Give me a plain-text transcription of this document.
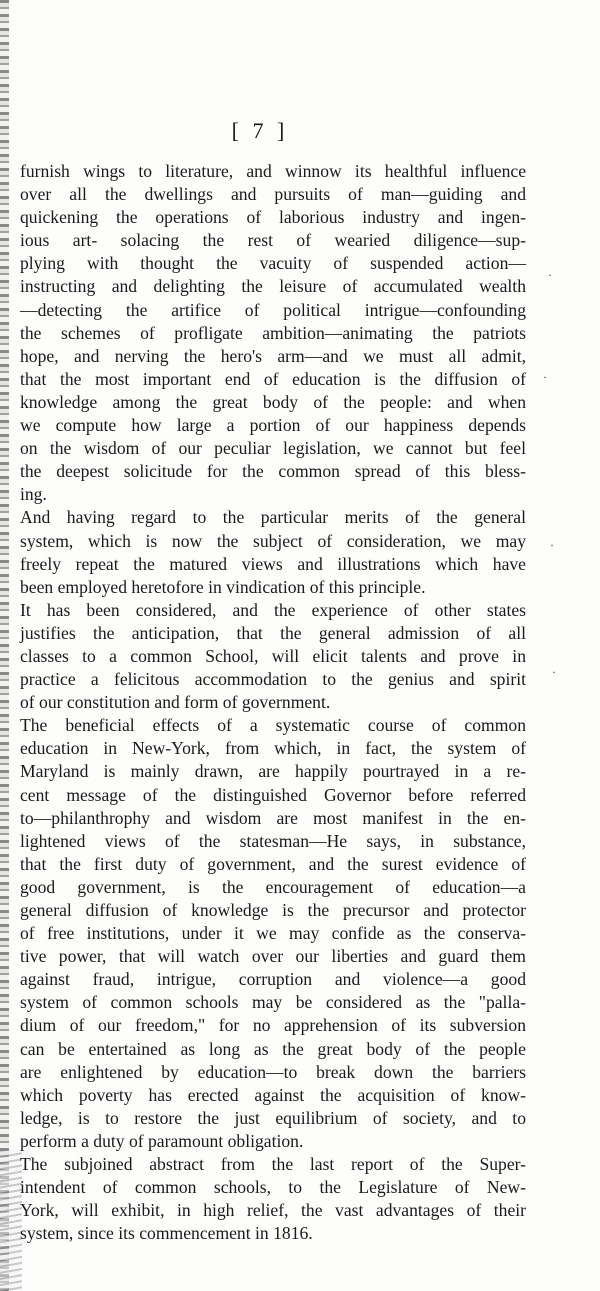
[ 7 ]
furnish wings to literature, and winnow its healthful influence
over all the dwellings and pursuits of man—guiding and
quickening the operations of laborious industry and ingen-
ious art- solacing the rest of wearied diligence—sup-
plying with thought the vacuity of suspended action—
instructing and delighting the leisure of accumulated wealth
—detecting the artifice of political intrigue—confounding
the schemes of profligate ambition—animating the patriots
hope, and nerving the hero's arm—and we must all admit,
that the most important end of education is the diffusion of
knowledge among the great body of the people: and when
we compute how large a portion of our happiness depends
on the wisdom of our peculiar legislation, we cannot but feel
the deepest solicitude for the common spread of this bless-
ing.
And having regard to the particular merits of the general
system, which is now the subject of consideration, we may
freely repeat the matured views and illustrations which have
been employed heretofore in vindication of this principle.
It has been considered, and the experience of other states
justifies the anticipation, that the general admission of all
classes to a common School, will elicit talents and prove in
practice a felicitous accommodation to the genius and spirit
of our constitution and form of government.
The beneficial effects of a systematic course of common
education in New-York, from which, in fact, the system of
Maryland is mainly drawn, are happily pourtrayed in a re-
cent message of the distinguished Governor before referred
to—philanthrophy and wisdom are most manifest in the en-
lightened views of the statesman—He says, in substance,
that the first duty of government, and the surest evidence of
good government, is the encouragement of education—a
general diffusion of knowledge is the precursor and protector
of free institutions, under it we may confide as the conserva-
tive power, that will watch over our liberties and guard them
against fraud, intrigue, corruption and violence—a good
system of common schools may be considered as the "palla-
dium of our freedom," for no apprehension of its subversion
can be entertained as long as the great body of the people
are enlightened by education—to break down the barriers
which poverty has erected against the acquisition of know-
ledge, is to restore the just equilibrium of society, and to
perform a duty of paramount obligation.
The subjoined abstract from the last report of the Super-
intendent of common schools, to the Legislature of New-
York, will exhibit, in high relief, the vast advantages of their
system, since its commencement in 1816.
·
·
·
·
